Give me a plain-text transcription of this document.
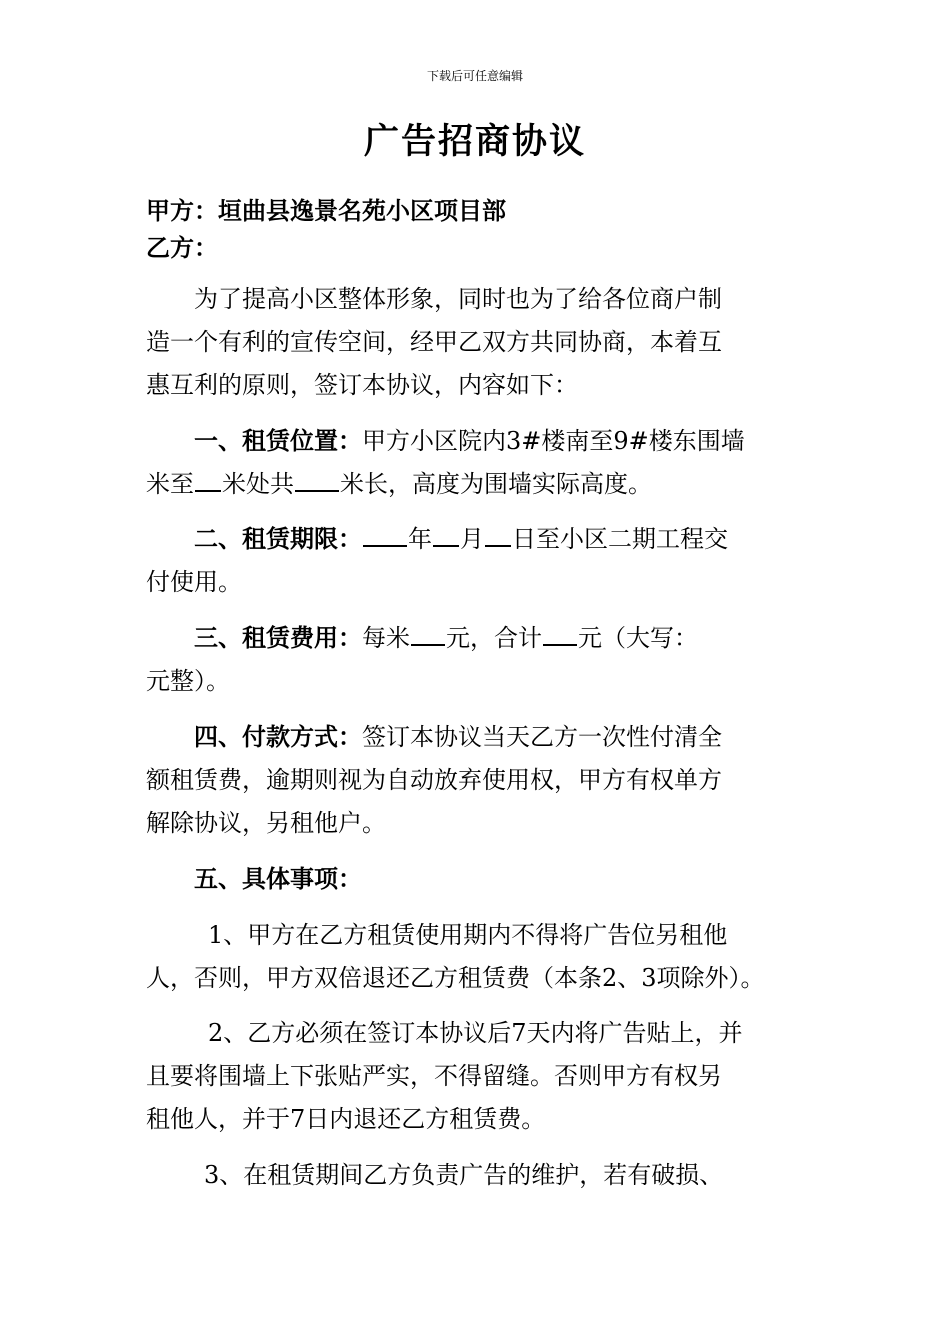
下载后可任意编辑
广告招商协议
甲方：垣曲县逸景名苑小区项目部
乙方：
为了提高小区整体形象，同时也为了给各位商户制
造一个有利的宣传空间，经甲乙双方共同协商，本着互
惠互利的原则，签订本协议，内容如下：
一、租赁位置：甲方小区院内3#楼南至9#楼东围墙
米至 米处共 米长，高度为围墙实际高度。
二、租赁期限： 年 月 日至小区二期工程交
付使用。
三、租赁费用：每米 元，合计 元（大写：
元整）。
四、付款方式：签订本协议当天乙方一次性付清全
额租赁费，逾期则视为自动放弃使用权，甲方有权单方
解除协议，另租他户。
五、具体事项：
1、甲方在乙方租赁使用期内不得将广告位另租他
人，否则，甲方双倍退还乙方租赁费（本条2、3项除外）。
2、乙方必须在签订本协议后7天内将广告贴上，并
且要将围墙上下张贴严实，不得留缝。否则甲方有权另
租他人，并于7日内退还乙方租赁费。
3、在租赁期间乙方负责广告的维护，若有破损、
